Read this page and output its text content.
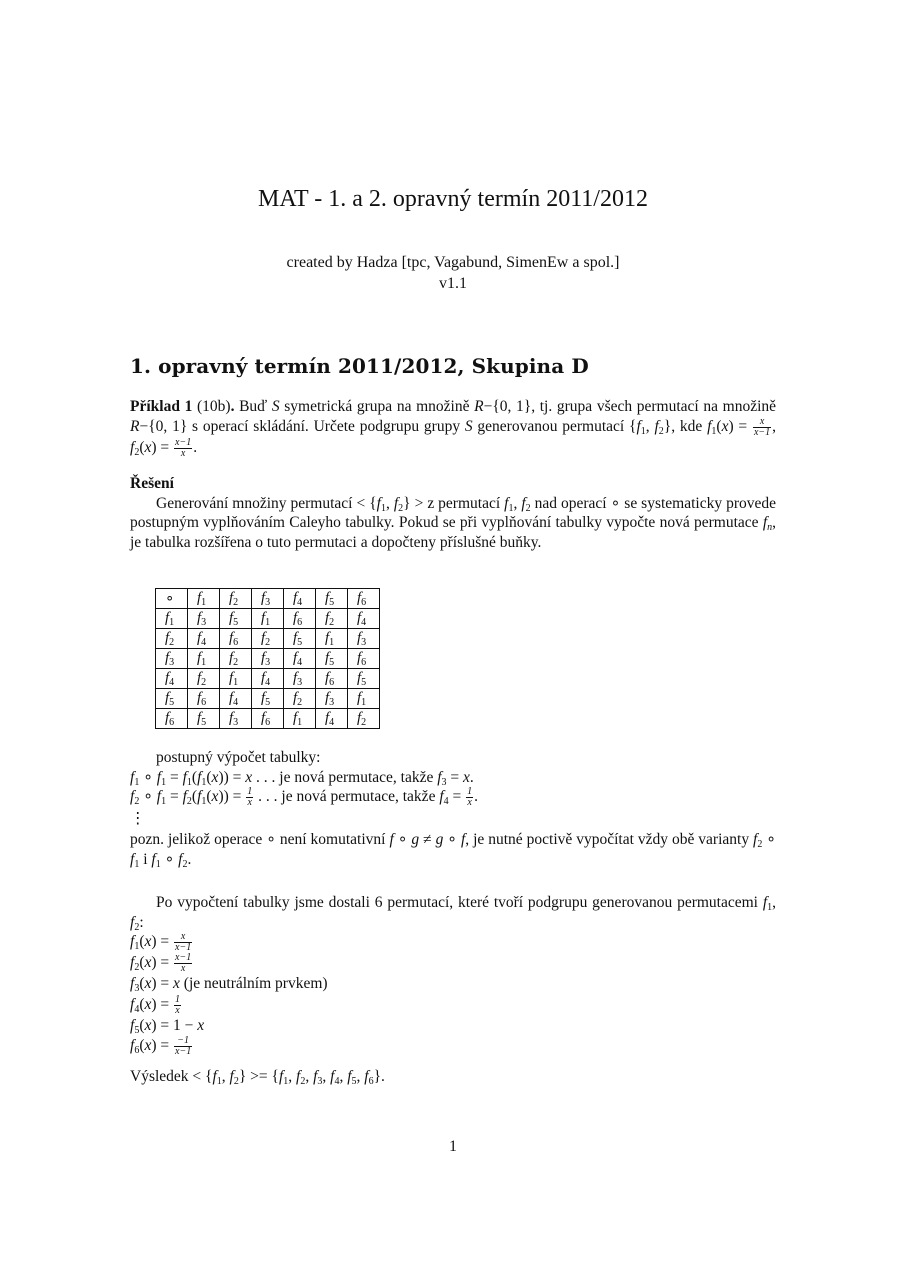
MAT - 1. a 2. opravný termín 2011/2012
created by Hadza [tpc, Vagabund, SimenEw a spol.]
v1.1
1. opravný termín 2011/2012, Skupina D

Příklad 1 (10b). Buď S symetrická grupa na množině R−{0, 1}, tj. grupa všech permutací na množině R−{0, 1} s operací skládání. Určete podgrupu grupy S generovanou permutací {$f_1$, $f_2$}, kde $f_1(x) = \frac{x}{x-1}$ , $f_2(x) = \frac{x-1}{x}$ .

Řešení

Generování množiny permutací < {$f_1$, $f_2\} > z$ permutací $f_1$, $f_2$ nad operací ∘ se systematicky provede postupným vyplňováním Caleyho tabulky. Pokud se při vyplňování tabulky vypočte nová permutace $f_n$, je tabulka rozšířena o tuto permutaci a dopočteny příslušné buňky.

∘	$f_1$	$f_2$	$f_3$	$f_4$	$f_5$	$f_6$
$f_1$	$f_3$	$f_5$	$f_1$	$f_6$	$f_2$	$f_4$
$f_2$	$f_4$	$f_6$	$f_2$	$f_5$	$f_1$	$f_3$
$f_3$	$f_1$	$f_2$	$f_3$	$f_4$	$f_5$	$f_6$
$f_4$	$f_2$	$f_1$	$f_4$	$f_3$	$f_6$	$f_5$
$f_5$	$f_6$	$f_4$	$f_5$	$f_2$	$f_3$	$f_1$
$f_6$	$f_5$	$f_3$	$f_6$	$f_1$	$f_4$	$f_2$

postupný výpočet tabulky:

$f_1$ ∘ $f_1 = f_1(f_1(x)) = x$ . . . je nová permutace, takže $f_3 = x$.

$f_2$ ∘ $f_1 = f_2(f_1(x)) = \frac{1}{x}$ . . . je nová permutace, takže $f_4 = \frac{1}{x}$ .

⋮

pozn. jelikož operace ∘ není komutativní f ∘ g ≠ g ∘ f, je nutné poctivě vypočítat vždy obě varianty $f_2$ ∘ $f_1$ i $f_1$ ∘ $f_2$.

Po vypočtení tabulky jsme dostali 6 permutací, které tvoří podgrupu generovanou permutacemi $f_1$, $f_2$:

$f_1(x) = \frac{x}{x-1}$

$f_2(x) = \frac{x-1}{x}$

$f_3(x) = x$ (je neutrálním prvkem)

$f_4(x) = \frac{1}{x}$

$f_5(x) = 1 - x$

$f_6(x) = \frac{-1}{x-1}$

Výsledek < {$f_1$, $f_2\} >= \{f_1$, $f_2$, $f_3$, $f_4$, $f_5$, $f_6$}.

1
